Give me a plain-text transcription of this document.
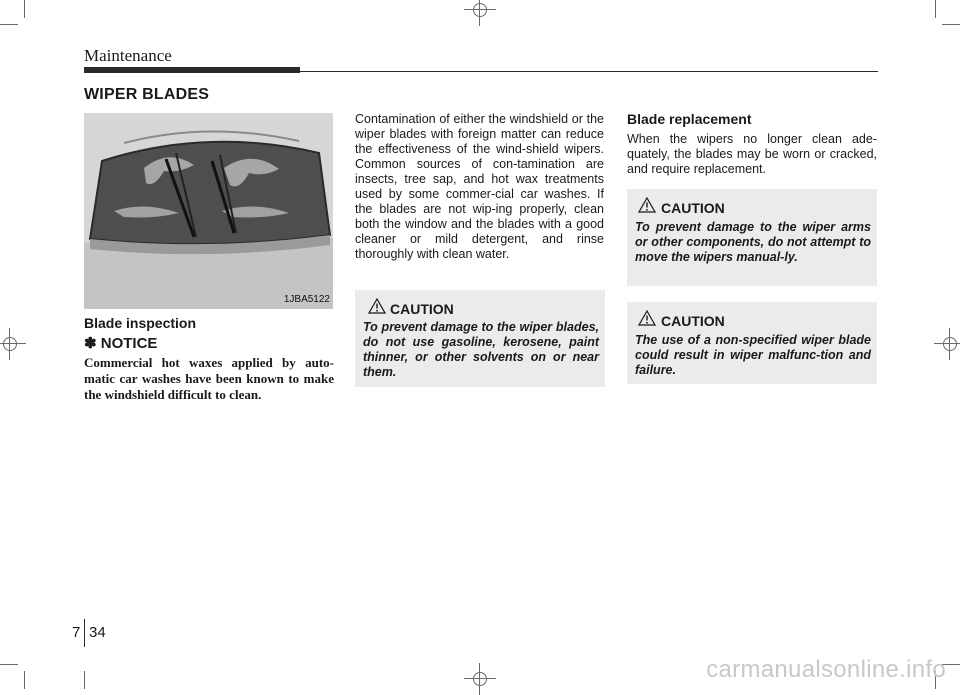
Maintenance
WIPER BLADES
1JBA5122
Blade inspection
✽ NOTICE
Commercial hot waxes applied by auto-matic car washes have been known to make the windshield difficult to clean.
Contamination of either the windshield or the wiper blades with foreign matter can reduce the effectiveness of the wind-shield wipers. Common sources of con-tamination are insects, tree sap, and hot wax treatments used by some commer-cial car washes. If the blades are not wip-ing properly, clean both the window and the blades with a good cleaner or mild detergent, and rinse thoroughly with clean water.
CAUTION
To prevent damage to the wiper blades, do not use gasoline, kerosene, paint thinner, or other solvents on or near them.
Blade replacement
When the wipers no longer clean ade-quately, the blades may be worn or cracked, and require replacement.
CAUTION
To prevent damage to the wiper arms or other components, do not attempt to move the wipers manual-ly.
CAUTION
The use of a non-specified wiper blade could result in wiper malfunc-tion and failure.
7 34
carmanualsonline.info
